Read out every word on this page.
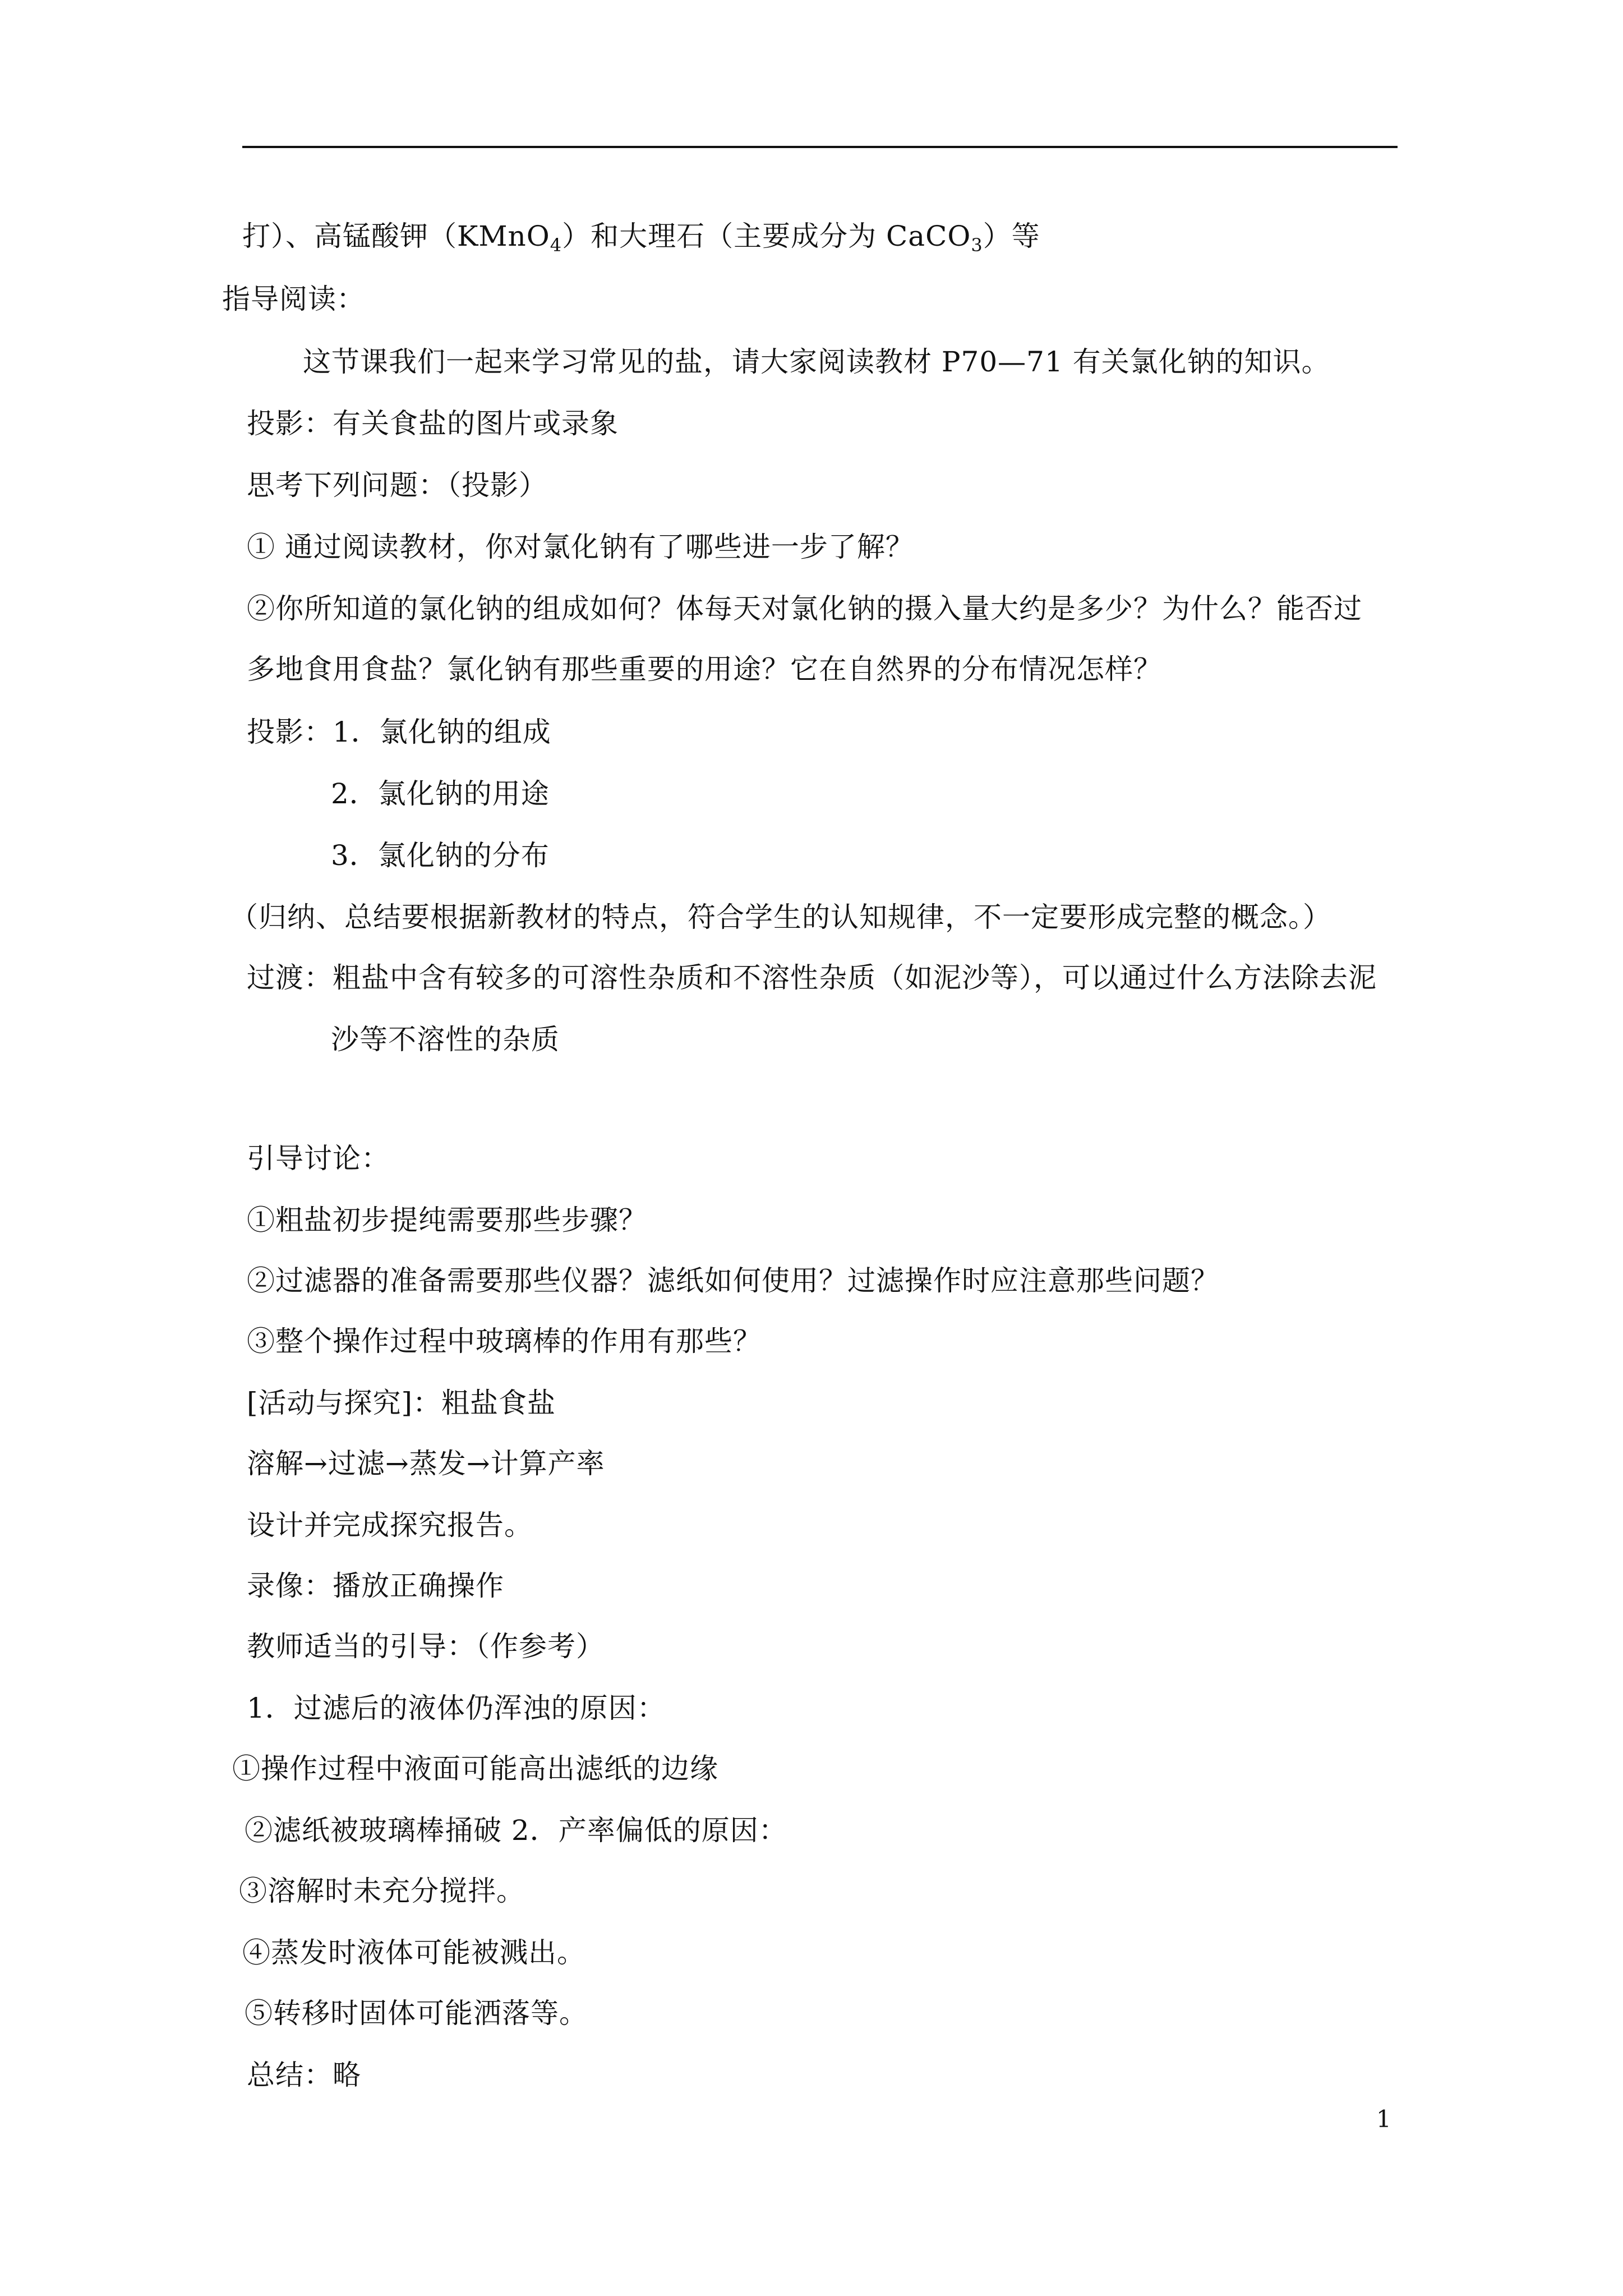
打）、高锰酸钾（KMnO$_4$）和大理石（主要成分为 CaCO$_3$）等
指导阅读：
这节课我们一起来学习常见的盐，请大家阅读教材 P70—71 有关氯化钠的知识。
投影：有关食盐的图片或录象
思考下列问题：（投影）
① 通过阅读教材，你对氯化钠有了哪些进一步了解？
②你所知道的氯化钠的组成如何？体每天对氯化钠的摄入量大约是多少？为什么？能否过
多地食用食盐？氯化钠有那些重要的用途？它在自然界的分布情况怎样？
投影：1．氯化钠的组成
2．氯化钠的用途
3．氯化钠的分布
（归纳、总结要根据新教材的特点，符合学生的认知规律，不一定要形成完整的概念。）
过渡：粗盐中含有较多的可溶性杂质和不溶性杂质（如泥沙等），可以通过什么方法除去泥
沙等不溶性的杂质
引导讨论：
①粗盐初步提纯需要那些步骤？
②过滤器的准备需要那些仪器？滤纸如何使用？过滤操作时应注意那些问题？
③整个操作过程中玻璃棒的作用有那些？
[活动与探究]：粗盐食盐
溶解→过滤→蒸发→计算产率
设计并完成探究报告。
录像：播放正确操作
教师适当的引导：（作参考）
1．过滤后的液体仍浑浊的原因：
①操作过程中液面可能高出滤纸的边缘
②滤纸被玻璃棒捅破 2．产率偏低的原因：
③溶解时未充分搅拌。
④蒸发时液体可能被溅出。
⑤转移时固体可能洒落等。
总结：略
1
